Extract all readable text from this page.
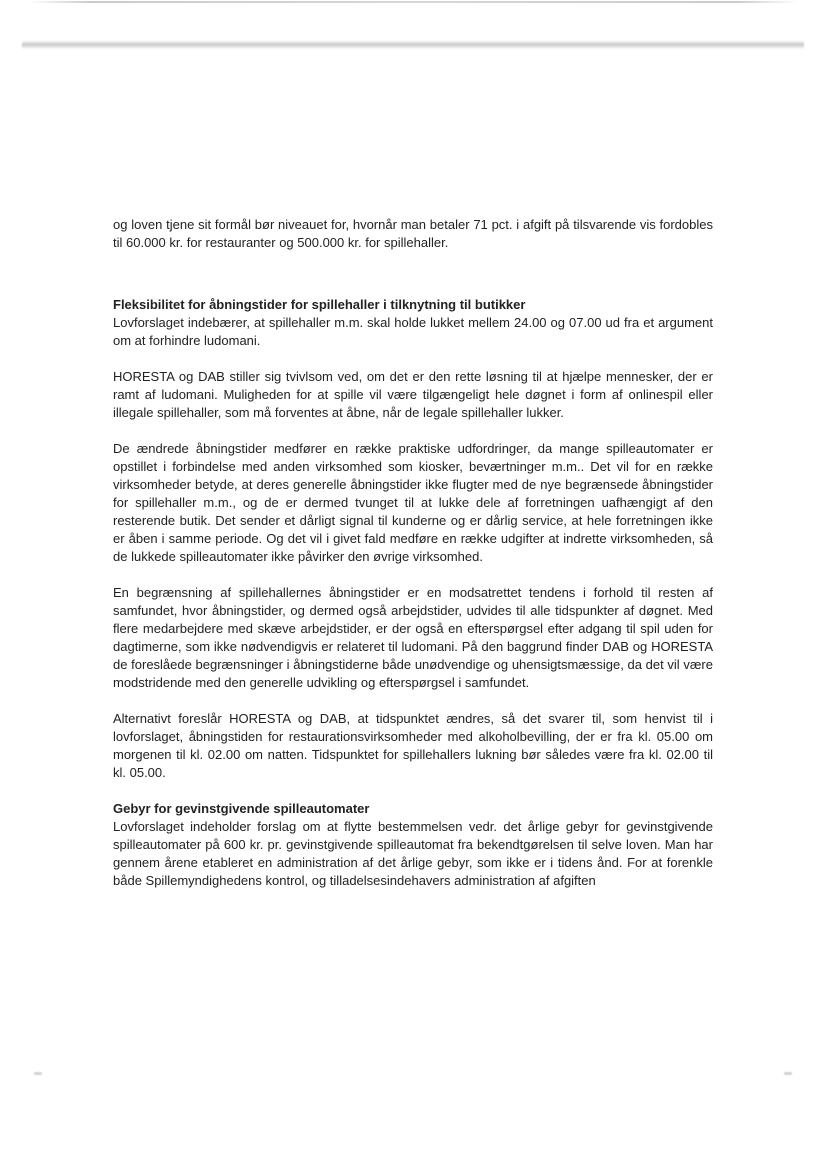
og loven tjene sit formål bør niveauet for, hvornår man betaler 71 pct. i afgift på tilsvarende vis fordobles til 60.000 kr. for restauranter og 500.000 kr. for spillehaller.

Fleksibilitet for åbningstider for spillehaller i tilknytning til butikker

Lovforslaget indebærer, at spillehaller m.m. skal holde lukket mellem 24.00 og 07.00 ud fra et argument om at forhindre ludomani.

HORESTA og DAB stiller sig tvivlsom ved, om det er den rette løsning til at hjælpe mennesker, der er ramt af ludomani. Muligheden for at spille vil være tilgængeligt hele døgnet i form af onlinespil eller illegale spillehaller, som må forventes at åbne, når de legale spillehaller lukker.

De ændrede åbningstider medfører en række praktiske udfordringer, da mange spilleautomater er opstillet i forbindelse med anden virksomhed som kiosker, beværtninger m.m.. Det vil for en række virksomheder betyde, at deres generelle åbningstider ikke flugter med de nye begrænsede åbningstider for spillehaller m.m., og de er dermed tvunget til at lukke dele af forretningen uafhængigt af den resterende butik. Det sender et dårligt signal til kunderne og er dårlig service, at hele forretningen ikke er åben i samme periode. Og det vil i givet fald medføre en række udgifter at indrette virksomheden, så de lukkede spilleautomater ikke påvirker den øvrige virksomhed.

En begrænsning af spillehallernes åbningstider er en modsatrettet tendens i forhold til resten af samfundet, hvor åbningstider, og dermed også arbejdstider, udvides til alle tidspunkter af døgnet. Med flere medarbejdere med skæve arbejdstider, er der også en efterspørgsel efter adgang til spil uden for dagtimerne, som ikke nødvendigvis er relateret til ludomani. På den baggrund finder DAB og HORESTA de foreslåede begrænsninger i åbningstiderne både unødvendige og uhensigtsmæssige, da det vil være modstridende med den generelle udvikling og efterspørgsel i samfundet.

Alternativt foreslår HORESTA og DAB, at tidspunktet ændres, så det svarer til, som henvist til i lovforslaget, åbningstiden for restaurationsvirksomheder med alkoholbevilling, der er fra kl. 05.00 om morgenen til kl. 02.00 om natten. Tidspunktet for spillehallers lukning bør således være fra kl. 02.00 til kl. 05.00.

Gebyr for gevinstgivende spilleautomater

Lovforslaget indeholder forslag om at flytte bestemmelsen vedr. det årlige gebyr for gevinstgivende spilleautomater på 600 kr. pr. gevinstgivende spilleautomat fra bekendtgørelsen til selve loven. Man har gennem årene etableret en administration af det årlige gebyr, som ikke er i tidens ånd. For at forenkle både Spillemyndighedens kontrol, og tilladelsesindehavers administration af afgiften
